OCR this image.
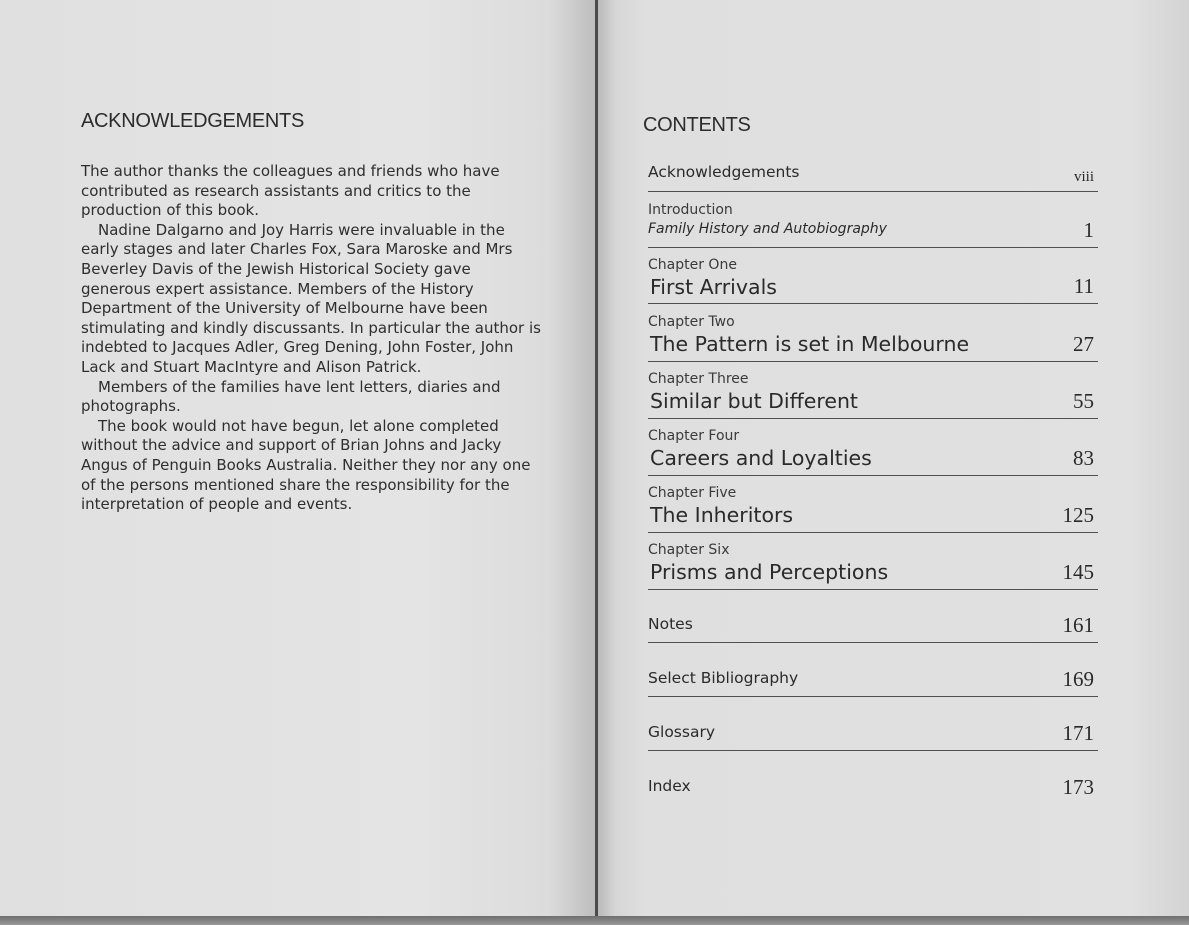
ACKNOWLEDGEMENTS

The author thanks the colleagues and friends who have contributed as research assistants and critics to the production of this book.

Nadine Dalgarno and Joy Harris were invaluable in the early stages and later Charles Fox, Sara Maroske and Mrs Beverley Davis of the Jewish Historical Society gave generous expert assistance. Members of the History Department of the University of Melbourne have been stimulating and kindly discussants. In particular the author is indebted to Jacques Adler, Greg Dening, John Foster, John Lack and Stuart MacIntyre and Alison Patrick.

Members of the families have lent letters, diaries and photographs.

The book would not have begun, let alone completed without the advice and support of Brian Johns and Jacky Angus of Penguin Books Australia. Neither they nor any one of the persons mentioned share the responsibility for the interpretation of people and events.

CONTENTS
Acknowledgements	viii
Introduction
Family History and Autobiography	1
Chapter One
First Arrivals	11
Chapter Two
The Pattern is set in Melbourne	27
Chapter Three
Similar but Different	55
Chapter Four
Careers and Loyalties	83
Chapter Five
The Inheritors	125
Chapter Six
Prisms and Perceptions	145
Notes	161
Select Bibliography	169
Glossary	171
Index	173
